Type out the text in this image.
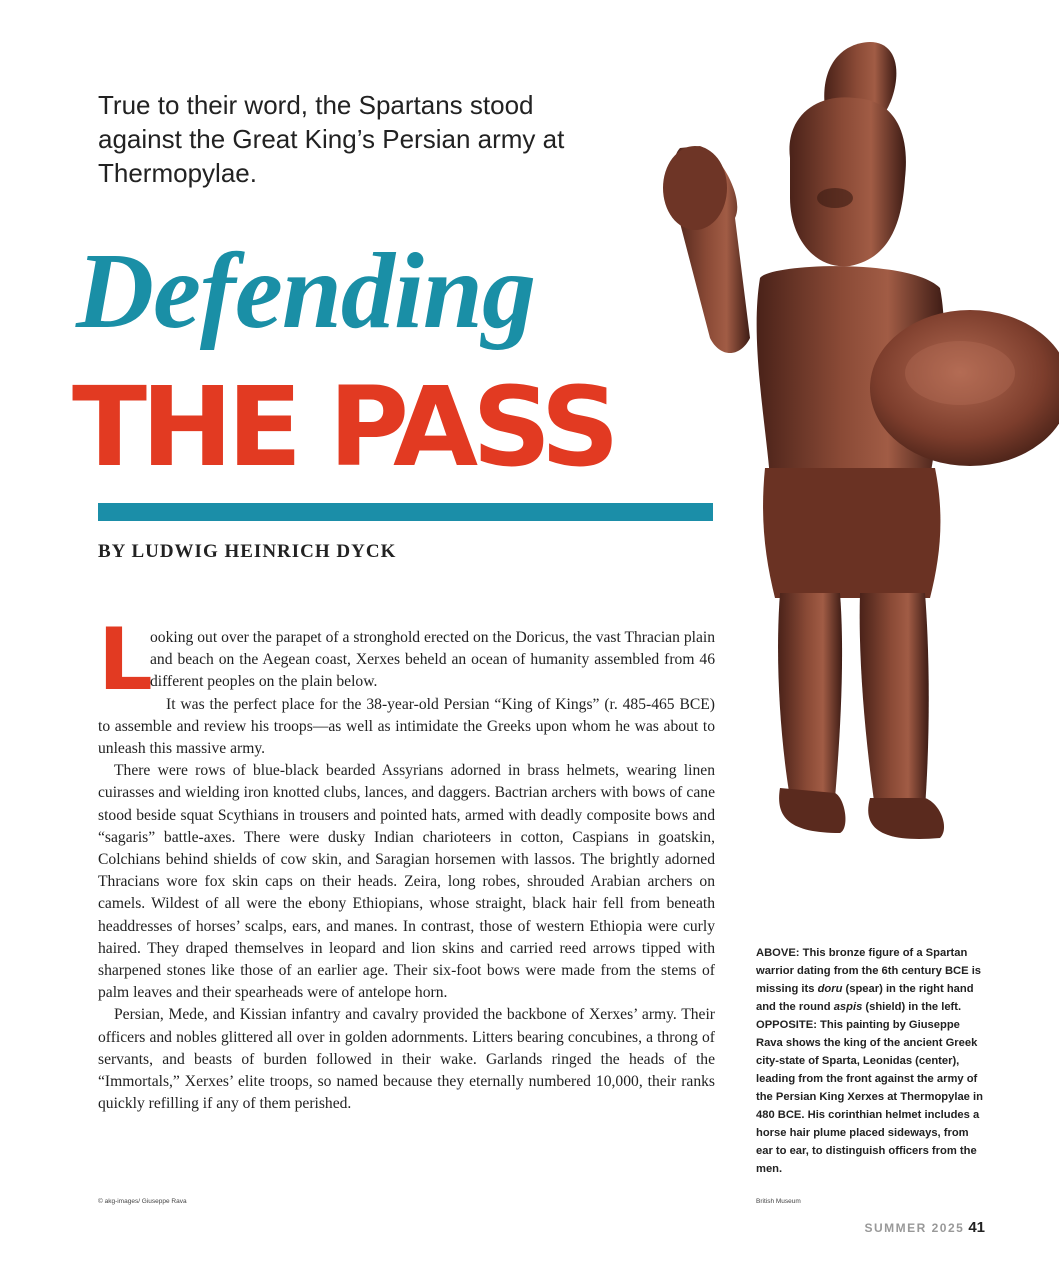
True to their word, the Spartans stood against the Great King’s Persian army at Thermopylae.

Defending
THE PASS
BY LUDWIG HEINRICH DYCK

L
ooking out over the parapet of a stronghold erected on the Doricus, the vast Thracian plain and beach on the Aegean coast, Xerxes beheld an ocean of humanity assembled from 46 different peoples on the plain below.

It was the perfect place for the 38-year-old Persian “King of Kings” (r. 485-465 BCE) to assemble and review his troops—as well as intimidate the Greeks upon whom he was about to unleash this massive army.

There were rows of blue-black bearded Assyrians adorned in brass helmets, wearing linen cuirasses and wielding iron knotted clubs, lances, and daggers. Bactrian archers with bows of cane stood beside squat Scythians in trousers and pointed hats, armed with deadly composite bows and “sagaris” battle-axes. There were dusky Indian charioteers in cotton, Caspians in goatskin, Colchians behind shields of cow skin, and Saragian horsemen with lassos. The brightly adorned Thracians wore fox skin caps on their heads. Zeira, long robes, shrouded Arabian archers on camels. Wildest of all were the ebony Ethiopians, whose straight, black hair fell from beneath headdresses of horses’ scalps, ears, and manes. In contrast, those of western Ethiopia were curly haired. They draped themselves in leopard and lion skins and carried reed arrows tipped with sharpened stones like those of an earlier age. Their six-foot bows were made from the stems of palm leaves and their spearheads were of antelope horn.

Persian, Mede, and Kissian infantry and cavalry provided the backbone of Xerxes’ army. Their officers and nobles glittered all over in golden adornments. Litters bearing concubines, a throng of servants, and beasts of burden followed in their wake. Garlands ringed the heads of the “Immortals,” Xerxes’ elite troops, so named because they eternally numbered 10,000, their ranks quickly refilling if any of them perished.

© akg-images/ Giuseppe Rava
ABOVE: This bronze figure of a Spartan warrior dating from the 6th century BCE is missing its doru (spear) in the right hand and the round aspis (shield) in the left. OPPOSITE: This painting by Giuseppe Rava shows the king of the ancient Greek city-state of Sparta, Leonidas (center), leading from the front against the army of the Persian King Xerxes at Thermopylae in 480 BCE. His corinthian helmet includes a horse hair plume placed sideways, from ear to ear, to distinguish officers from the men.
British Museum
SUMMER 2025 41
